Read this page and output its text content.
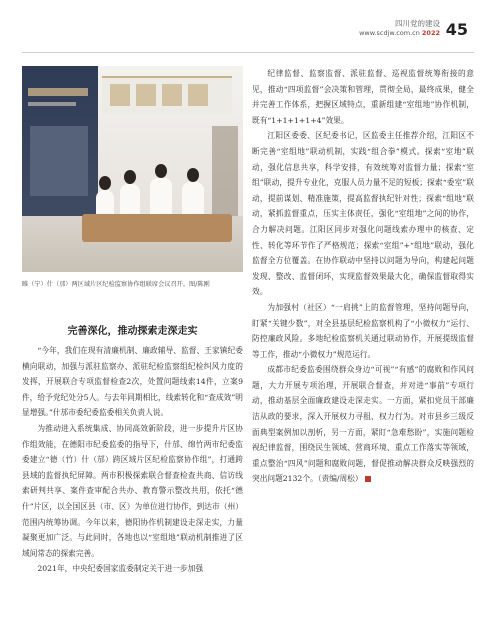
四川党的建设
www.scdjw.com.cn 2022 45
睢（宁）什（邡）两区域片区纪检监察协作组联席会议召开。图/陈刚
完善深化，推动探索走深走实

“今年，我们在现有清廉机制、廉政辅导、监督、王家镇纪委横向联动，加强与派驻监察办、派驻纪检监察组纪检纠风力度的发挥，开展联合专项监督检查2次，处置问题线索14件，立案9件，给予党纪处分5人。与去年同期相比，线索转化和“查成效”明显增强。”什邡市委纪委监委相关负责人说。

为推动进入系统集成、协同高效新阶段，进一步提升片区协作组效能，在德阳市纪委监委的指导下，什邡、绵竹两市纪委监委建立“德（竹）什（邡）跨区域片区纪检监察协作组”，打通跨县域的监督执纪屏障。两市积极探索联合督查检查共商、信访线索研判共享、案件查审配合共办、教育警示整改共用，依托“德什”片区，以全国区县（市、区）为单位进行协作，到达市（州）范围内统筹协调。今年以来，德阳协作机制建设走深走实，力量凝聚更加广泛。与此同时，各地也以“室组地”联动机制推进了区域间常态的探索完善。

2021年，中央纪委国家监委制定关于进一步加强

纪律监督、监察监督、派驻监督、巡视监督统筹衔接的意见，推动“四项监督”会决策和管理，贯彻全局，最终成果，健全并完善工作体系，把握区域特点，重新组建“室组地”协作机制，既有“1+1+1+1+4”效果。

江阳区委委、区纪委书记，区监委主任推荐介绍，江阳区不断完善“室组地”联动机制，实践“组合拳”模式。探索“室地”联动，强化信息共享，科学安排，有效统筹对监督力量；探索“室组”联动，提升专业化，克服人员力量不足的短板；探索“委室”联动，提前谋划、精准施策，提高监督执纪针对性；探索“组地”联动，紧抓监督重点，压实主体责任，强化“室组地”之间的协作，合力解决问题。江阳区同步对强化问题线索办理中的核查、定性、转化等环节作了严格规范；探索“室组”+“组地”联动，强化监督全方位覆盖。在协作联动中坚持以问题为导向，构建起问题发现、整改、监督闭环，实现监督效果最大化，确保监督取得实效。

为加强村（社区）“一肩挑”上的监督管理，坚持问题导向，盯紧“关键少数”，对全县基层纪检监察机构了“小微权力”运行、防控廉政风险。多地纪检监察机关通过联动协作，开展提级监督等工作，推动“小微权力”规范运行。

成都市纪委监委围绕群众身边“可视”“有感”的腐败和作风问题，大力开展专项治理，开展联合督查，并对进“事前”专项行动，推动基层全面廉政建设走深走实。一方面，紧扣党员干部廉洁从政的要求，深入开展权力寻租、权力行为。对市县乡三级反面典型案例加以剖析，另一方面，紧盯“急难愁盼”，实施问题检视纪律监督，围绕民生领域、营商环境、重点工作落实等领域，重点整治“四风”问题和腐败问题，督促推动解决群众反映强烈的突出问题2132个。（责编/周松）
